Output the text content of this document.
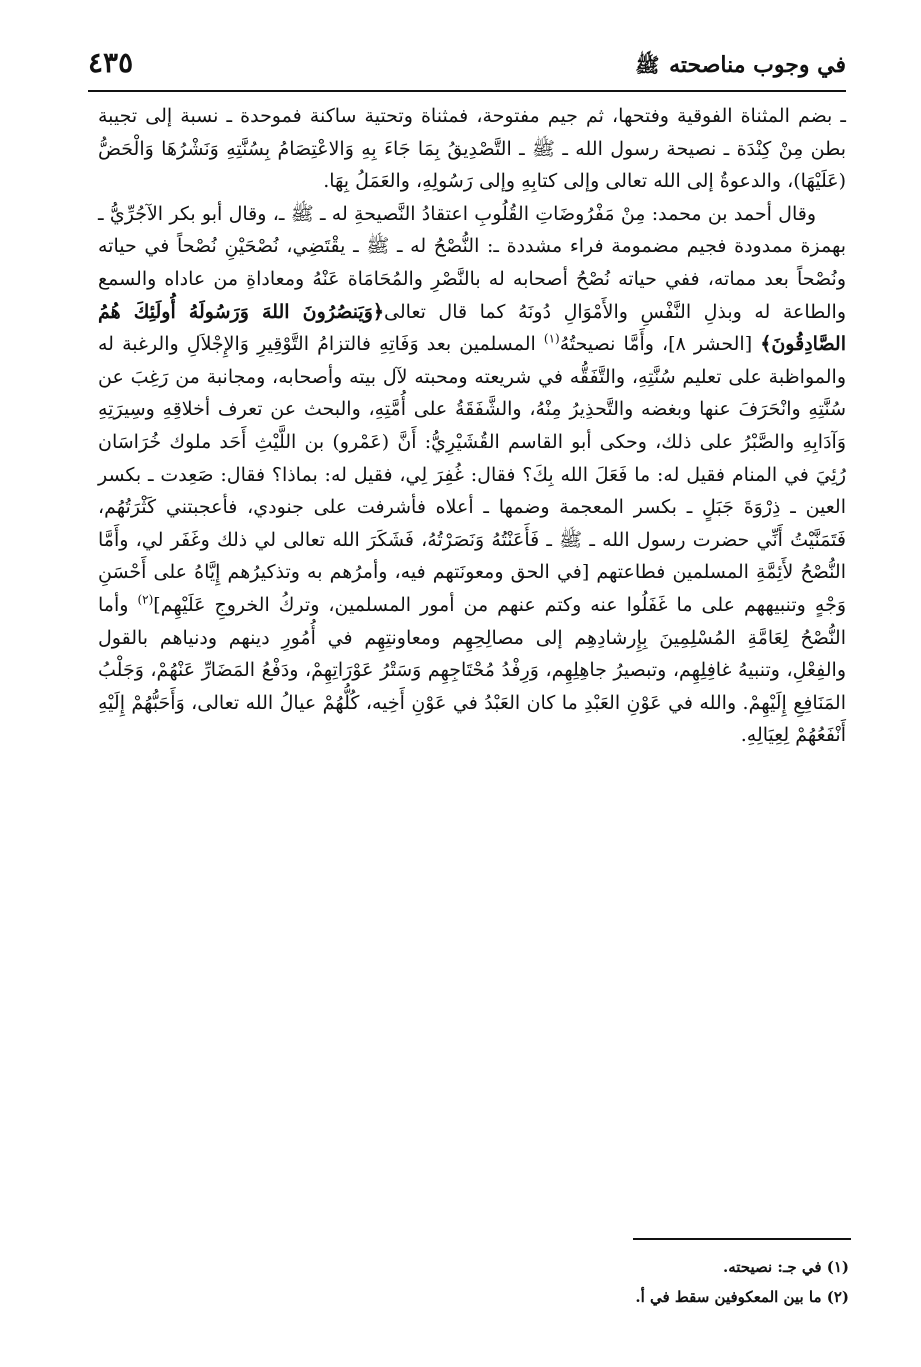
في وجوب مناصحته ﷺ
٤٣٥

ـ بضم المثناة الفوقية وفتحها، ثم جيم مفتوحة، فمثناة وتحتية ساكنة فموحدة ـ نسبة إلى تجيبة بطن مِنْ كِنْدَة ـ نصيحة رسول الله ـ ﷺ ـ التَّصْدِيقُ بِمَا جَاءَ بِهِ وَالاعْتِصَامُ بِسُنَّتِهِ وَنَشْرُهَا وَالْحَضُّ (عَلَيْهَا)، والدعوةُ إلى الله تعالى وإلى كتابِهِ وإلى رَسُولِهِ، والعَمَلُ بِهَا.

وقال أحمد بن محمد: مِنْ مَفْرُوضَاتِ القُلُوبِ اعتقادُ النَّصيحةِ له ـ ﷺ ـ، وقال أبو بكر الآجُرِّيُّ ـ بهمزة ممدودة فجيم مضمومة فراء مشددة ـ: النُّصْحُ له ـ ﷺ ـ يقْتَضِي، نُصْحَيْنِ نُصْحاً في حياته ونُصْحاً بعد مماته، ففي حياته نُصْحُ أصحابه له بالنَّصْرِ والمُحَامَاة عَنْهُ ومعاداةِ من عاداه والسمع والطاعة له وبذلِ النَّفْسِ والأَمْوَالِ دُونَهُ كما قال تعالى﴿وَيَنصُرُونَ اللهَ وَرَسُولَهُ أُولَئِكَ هُمُ الصَّادِقُونَ﴾ [الحشر ٨]، وأَمَّا نصيحتُهُ$^{(١)}$ المسلمين بعد وَفَاتِهِ فالتزامُ التَّوْقِيرِ وَالإِجْلاَلِ والرغبة له والمواظبة على تعليم سُنَّتِهِ، والتَّفَقُّه في شريعته ومحبته لآل بيته وأصحابه، ومجانبة من رَغِبَ عن سُنَّتِهِ وانْحَرَفَ عنها وبغضه والتَّحذِيرُ مِنْهُ، والشَّفَقَةُ على أُمَّتِهِ، والبحث عن تعرف أخلاقِهِ وسِيرَتِهِ وَآدَابِهِ والصَّبْرُ على ذلك، وحكى أبو القاسم القُشَيْرِيُّ: أَنَّ (عَمْرو) بن اللَّيْثِ أَحَد ملوك خُرَاسَان رُئِيَ في المنام فقيل له: ما فَعَلَ الله بِكَ؟ فقال: غُفِرَ لِي، فقيل له: بماذا؟ فقال: صَعِدت ـ بكسر العين ـ ذِرْوَةَ جَبَلٍ ـ بكسر المعجمة وضمها ـ أعلاه فأشرفت على جنودي، فأعجبتني كَثْرَتُهُم، فَتَمَنَّيْتُ أَنِّي حضرت رسول الله ـ ﷺ ـ فَأَعَنْتُهُ وَنَصَرْتُهُ، فَشَكَرَ الله تعالى لي ذلك وغَفَر لي، وأَمَّا النُّصْحُ لأَئِمَّةِ المسلمين فطاعتهم [في الحق ومعونَتهم فيه، وأمرُهم به وتذكيرُهم إِيَّاهُ على أَحْسَنِ وَجْهٍ وتنبيههم على ما غَفَلُوا عنه وكتم عنهم من أمور المسلمين، وتركُ الخروجِ عَلَيْهِم]$^{(٢)}$ وأما النُّصْحُ لِعَامَّةِ المُسْلِمِينَ بِإِرشادِهِم إلى مصالِحِهِم ومعاونتِهِم في أُمُورِ دينهم ودنياهم بالقول والفِعْلِ، وتنبيهُ غافِلِهِم، وتبصيرُ جاهِلِهِم، وَرِفْدُ مُحْتَاجِهِم وَسَتْرُ عَوْرَاتِهِمْ، ودَفْعُ المَضَارِّ عَنْهُمْ، وَجَلْبُ المَنَافِعِ إِلَيْهِمْ. والله في عَوْنِ العَبْدِ ما كان العَبْدُ في عَوْنِ أَخِيه، كُلُّهُمْ عيالُ الله تعالى، وَأَحَبُّهُمْ إِلَيْهِ أَنْفَعُهُمْ لِعِيَالِهِ.

(١) في جـ: نصيحته.
(٢) ما بين المعكوفين سقط في أ.
